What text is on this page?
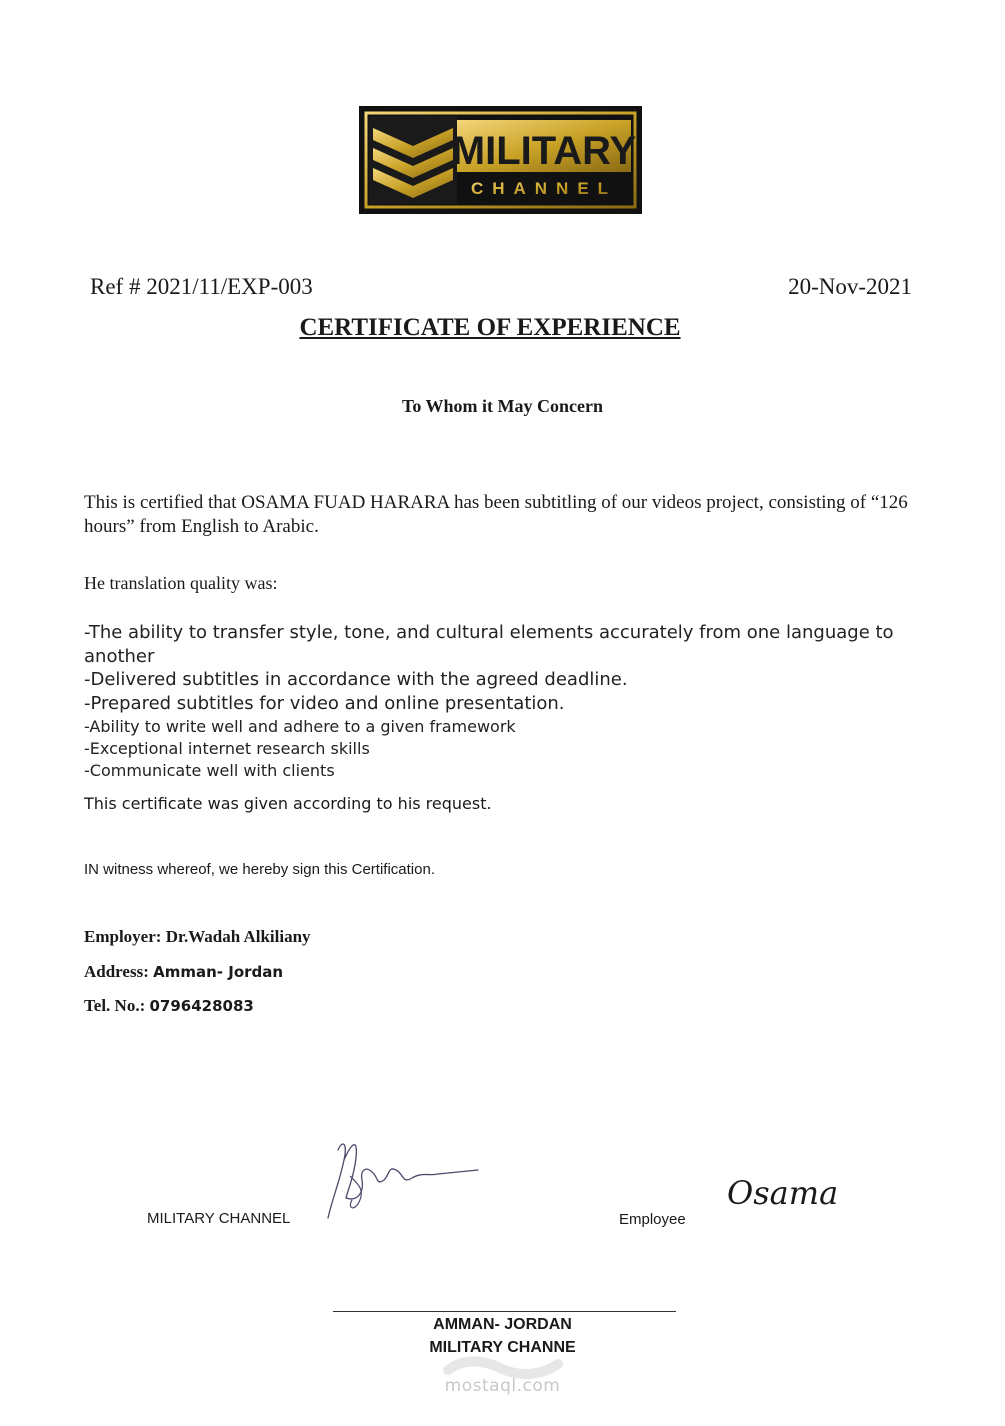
MILITARY
CHANNEL
Ref # 2021/11/EXP-003	20-Nov-2021
CERTIFICATE OF EXPERIENCE
To Whom it May Concern
This is certified that OSAMA FUAD HARARA has been subtitling of our videos project, consisting of “126 hours” from English to Arabic.
He translation quality was:
-The ability to transfer style, tone, and cultural elements accurately from one language to another
-Delivered subtitles in accordance with the agreed deadline.
-Prepared subtitles for video and online presentation.
-Ability to write well and adhere to a given framework
-Exceptional internet research skills
-Communicate well with clients
This certificate was given according to his request.
IN witness whereof, we hereby sign this Certification.
Employer: Dr.Wadah Alkiliany
Address: Amman- Jordan
Tel. No.: 0796428083
MILITARY CHANNEL	Employee
Osama
AMMAN- JORDAN
MILITARY CHANNE
mostaql.com
